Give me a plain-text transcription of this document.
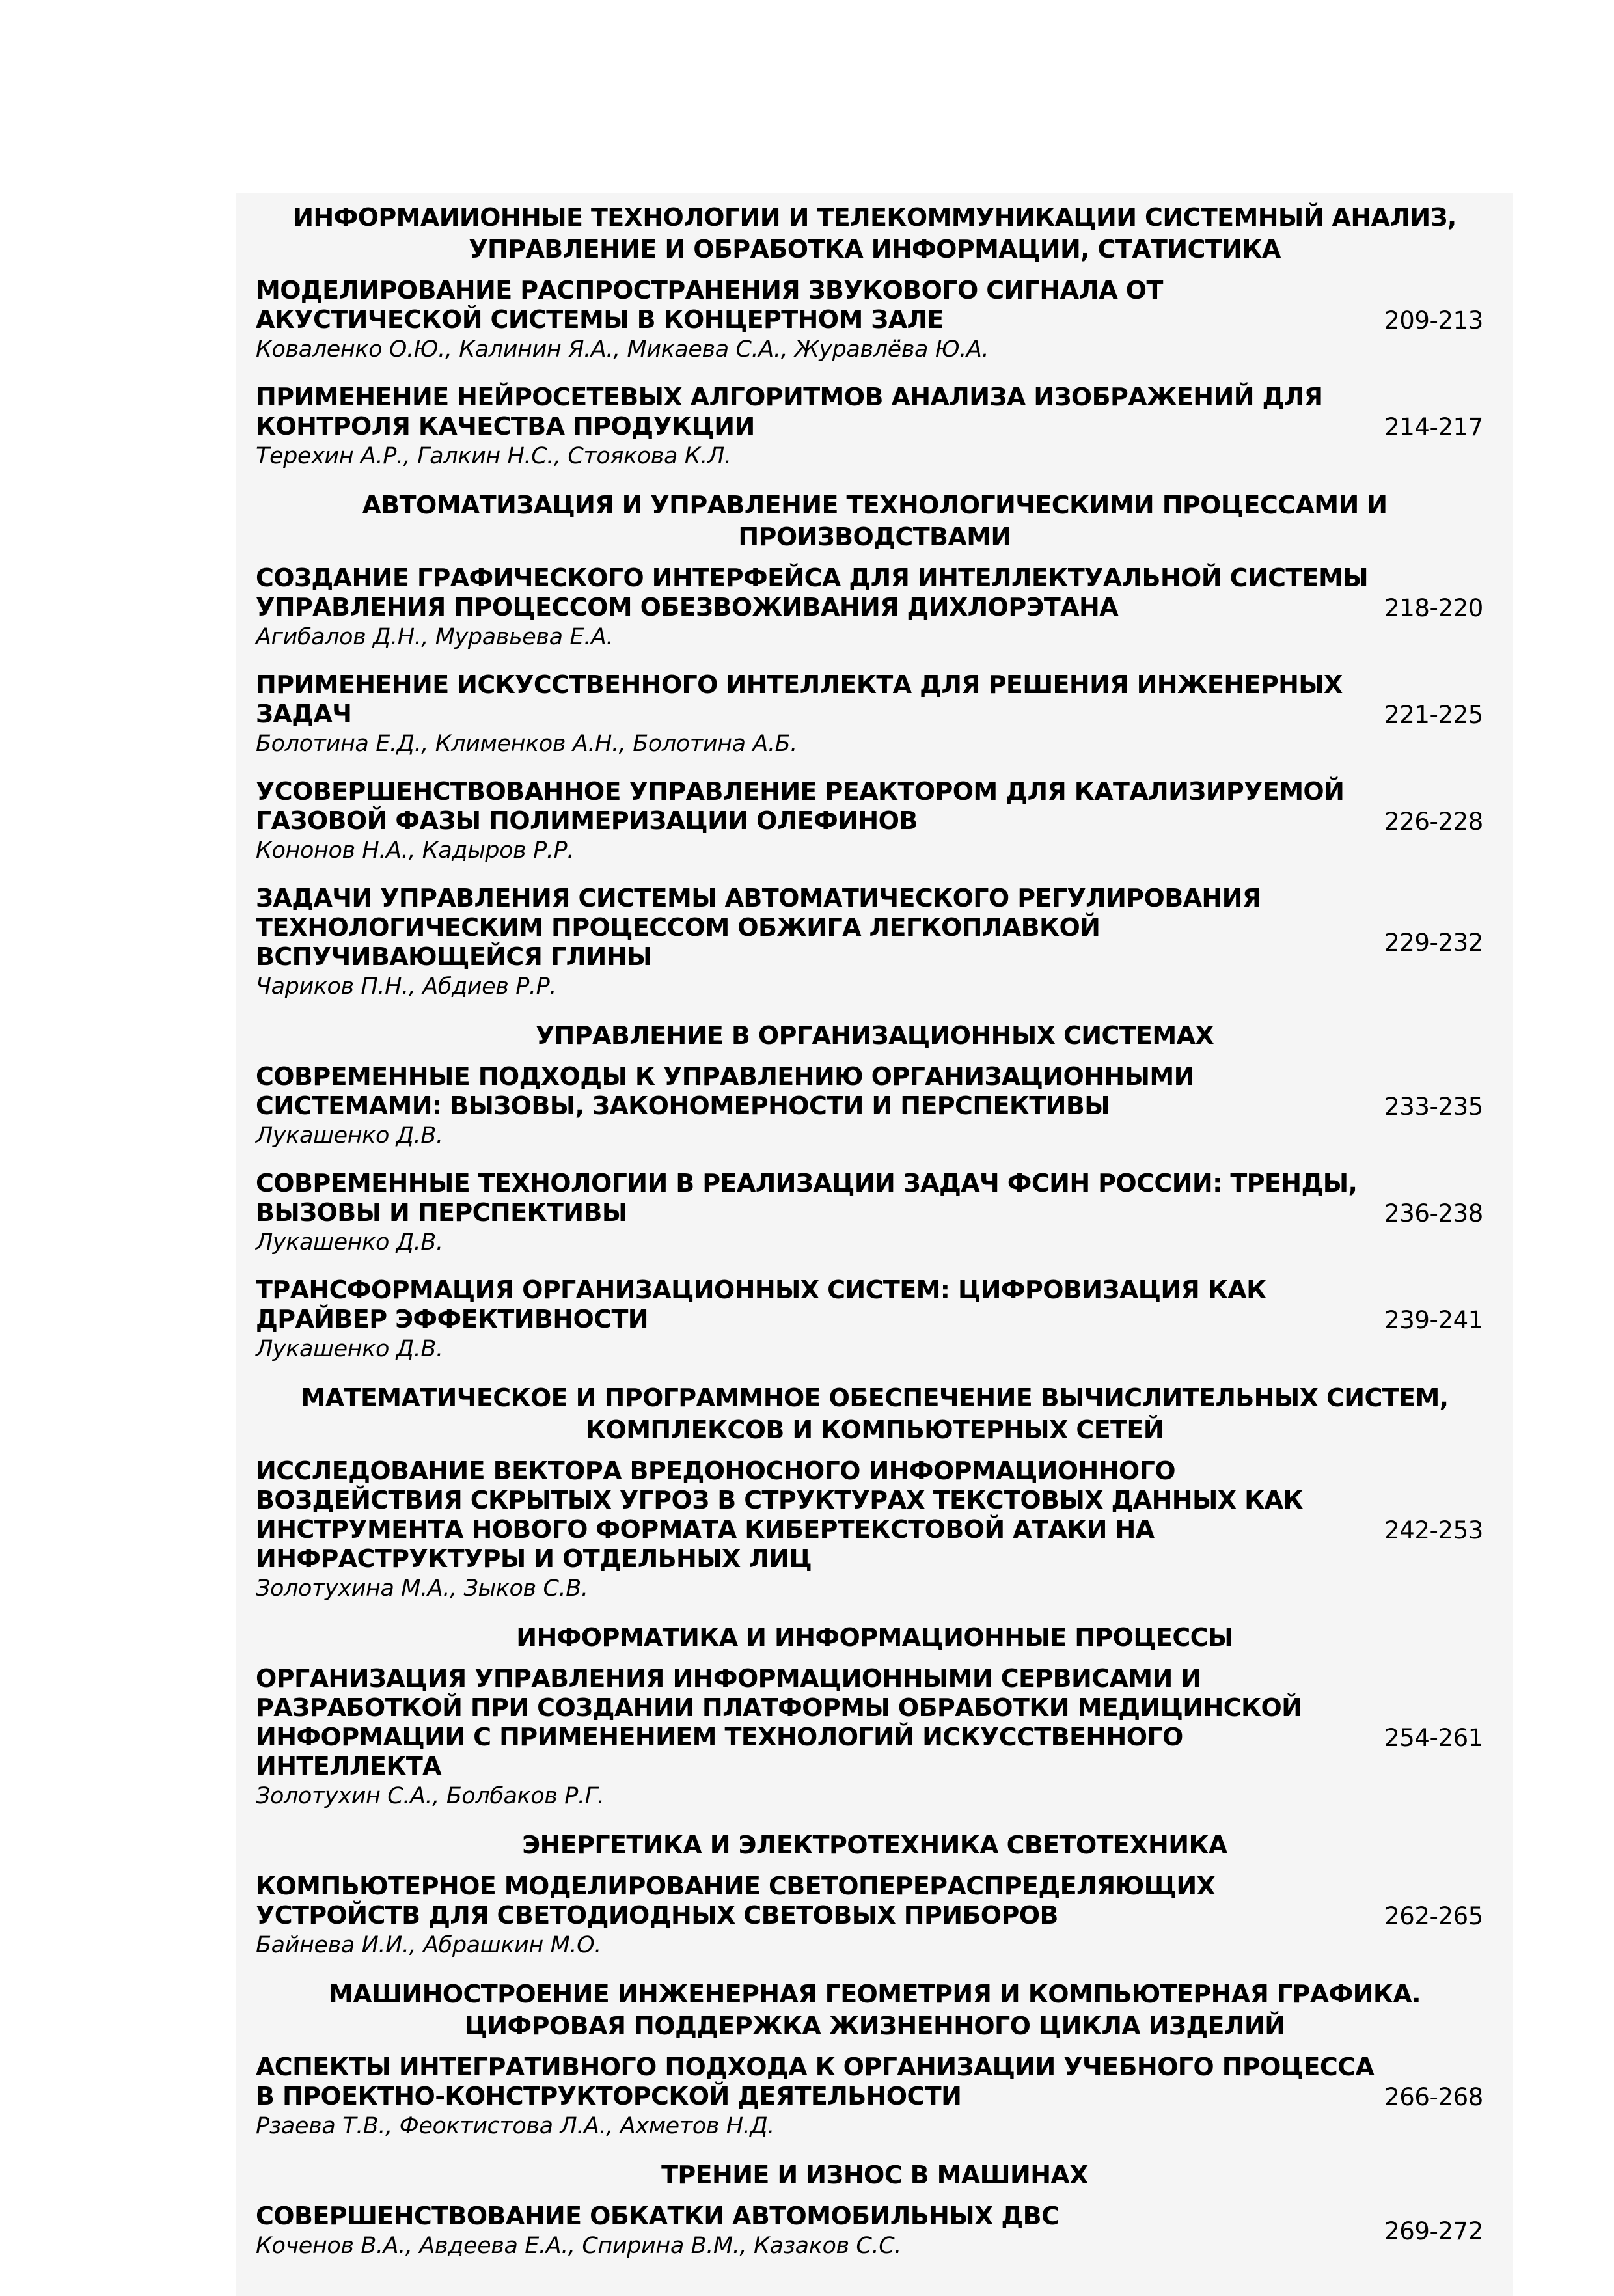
ИНФОРМАИИОННЫЕ ТЕХНОЛОГИИ И ТЕЛЕКОММУНИКАЦИИ СИСТЕМНЫЙ АНАЛИЗ, УПРАВЛЕНИЕ И ОБРАБОТКА ИНФОРМАЦИИ, СТАТИСТИКА
МОДЕЛИРОВАНИЕ РАСПРОСТРАНЕНИЯ ЗВУКОВОГО СИГНАЛА ОТ АКУСТИЧЕСКОЙ СИСТЕМЫ В КОНЦЕРТНОМ ЗАЛЕ
Коваленко О.Ю., Калинин Я.А., Микаева С.А., Журавлёва Ю.А.
209-213
ПРИМЕНЕНИЕ НЕЙРОСЕТЕВЫХ АЛГОРИТМОВ АНАЛИЗА ИЗОБРАЖЕНИЙ ДЛЯ КОНТРОЛЯ КАЧЕСТВА ПРОДУКЦИИ
Терехин А.Р., Галкин Н.С., Стоякова К.Л.
214-217
АВТОМАТИЗАЦИЯ И УПРАВЛЕНИЕ ТЕХНОЛОГИЧЕСКИМИ ПРОЦЕССАМИ И ПРОИЗВОДСТВАМИ
СОЗДАНИЕ ГРАФИЧЕСКОГО ИНТЕРФЕЙСА ДЛЯ ИНТЕЛЛЕКТУАЛЬНОЙ СИСТЕМЫ УПРАВЛЕНИЯ ПРОЦЕССОМ ОБЕЗВОЖИВАНИЯ ДИХЛОРЭТАНА
Агибалов Д.Н., Муравьева Е.А.
218-220
ПРИМЕНЕНИЕ ИСКУССТВЕННОГО ИНТЕЛЛЕКТА ДЛЯ РЕШЕНИЯ ИНЖЕНЕРНЫХ ЗАДАЧ
Болотина Е.Д., Клименков А.Н., Болотина А.Б.
221-225
УСОВЕРШЕНСТВОВАННОЕ УПРАВЛЕНИЕ РЕАКТОРОМ ДЛЯ КАТАЛИЗИРУЕМОЙ ГАЗОВОЙ ФАЗЫ ПОЛИМЕРИЗАЦИИ ОЛЕФИНОВ
Кононов Н.А., Кадыров Р.Р.
226-228
ЗАДАЧИ УПРАВЛЕНИЯ СИСТЕМЫ АВТОМАТИЧЕСКОГО РЕГУЛИРОВАНИЯ ТЕХНОЛОГИЧЕСКИМ ПРОЦЕССОМ ОБЖИГА ЛЕГКОПЛАВКОЙ ВСПУЧИВАЮЩЕЙСЯ ГЛИНЫ
Чариков П.Н., Абдиев Р.Р.
229-232
УПРАВЛЕНИЕ В ОРГАНИЗАЦИОННЫХ СИСТЕМАХ
СОВРЕМЕННЫЕ ПОДХОДЫ К УПРАВЛЕНИЮ ОРГАНИЗАЦИОННЫМИ СИСТЕМАМИ: ВЫЗОВЫ, ЗАКОНОМЕРНОСТИ И ПЕРСПЕКТИВЫ
Лукашенко Д.В.
233-235
СОВРЕМЕННЫЕ ТЕХНОЛОГИИ В РЕАЛИЗАЦИИ ЗАДАЧ ФСИН РОССИИ: ТРЕНДЫ, ВЫЗОВЫ И ПЕРСПЕКТИВЫ
Лукашенко Д.В.
236-238
ТРАНСФОРМАЦИЯ ОРГАНИЗАЦИОННЫХ СИСТЕМ: ЦИФРОВИЗАЦИЯ КАК ДРАЙВЕР ЭФФЕКТИВНОСТИ
Лукашенко Д.В.
239-241
МАТЕМАТИЧЕСКОЕ И ПРОГРАММНОЕ ОБЕСПЕЧЕНИЕ ВЫЧИСЛИТЕЛЬНЫХ СИСТЕМ, КОМПЛЕКСОВ И КОМПЬЮТЕРНЫХ СЕТЕЙ
ИССЛЕДОВАНИЕ ВЕКТОРА ВРЕДОНОСНОГО ИНФОРМАЦИОННОГО ВОЗДЕЙСТВИЯ СКРЫТЫХ УГРОЗ В СТРУКТУРАХ ТЕКСТОВЫХ ДАННЫХ КАК ИНСТРУМЕНТА НОВОГО ФОРМАТА КИБЕРТЕКСТОВОЙ АТАКИ НА ИНФРАСТРУКТУРЫ И ОТДЕЛЬНЫХ ЛИЦ
Золотухина М.А., Зыков С.В.
242-253
ИНФОРМАТИКА И ИНФОРМАЦИОННЫЕ ПРОЦЕССЫ
ОРГАНИЗАЦИЯ УПРАВЛЕНИЯ ИНФОРМАЦИОННЫМИ СЕРВИСАМИ И РАЗРАБОТКОЙ ПРИ СОЗДАНИИ ПЛАТФОРМЫ ОБРАБОТКИ МЕДИЦИНСКОЙ ИНФОРМАЦИИ С ПРИМЕНЕНИЕМ ТЕХНОЛОГИЙ ИСКУССТВЕННОГО ИНТЕЛЛЕКТА
Золотухин С.А., Болбаков Р.Г.
254-261
ЭНЕРГЕТИКА И ЭЛЕКТРОТЕХНИКА СВЕТОТЕХНИКА
КОМПЬЮТЕРНОЕ МОДЕЛИРОВАНИЕ СВЕТОПЕРЕРАСПРЕДЕЛЯЮЩИХ УСТРОЙСТВ ДЛЯ СВЕТОДИОДНЫХ СВЕТОВЫХ ПРИБОРОВ
Байнева И.И., Абрашкин М.О.
262-265
МАШИНОСТРОЕНИЕ ИНЖЕНЕРНАЯ ГЕОМЕТРИЯ И КОМПЬЮТЕРНАЯ ГРАФИКА. ЦИФРОВАЯ ПОДДЕРЖКА ЖИЗНЕННОГО ЦИКЛА ИЗДЕЛИЙ
АСПЕКТЫ ИНТЕГРАТИВНОГО ПОДХОДА К ОРГАНИЗАЦИИ УЧЕБНОГО ПРОЦЕССА В ПРОЕКТНО-КОНСТРУКТОРСКОЙ ДЕЯТЕЛЬНОСТИ
Рзаева Т.В., Феоктистова Л.А., Ахметов Н.Д.
266-268
ТРЕНИЕ И ИЗНОС В МАШИНАХ
СОВЕРШЕНСТВОВАНИЕ ОБКАТКИ АВТОМОБИЛЬНЫХ ДВС
Коченов В.А., Авдеева Е.А., Спирина В.М., Казаков С.С.
269-272
